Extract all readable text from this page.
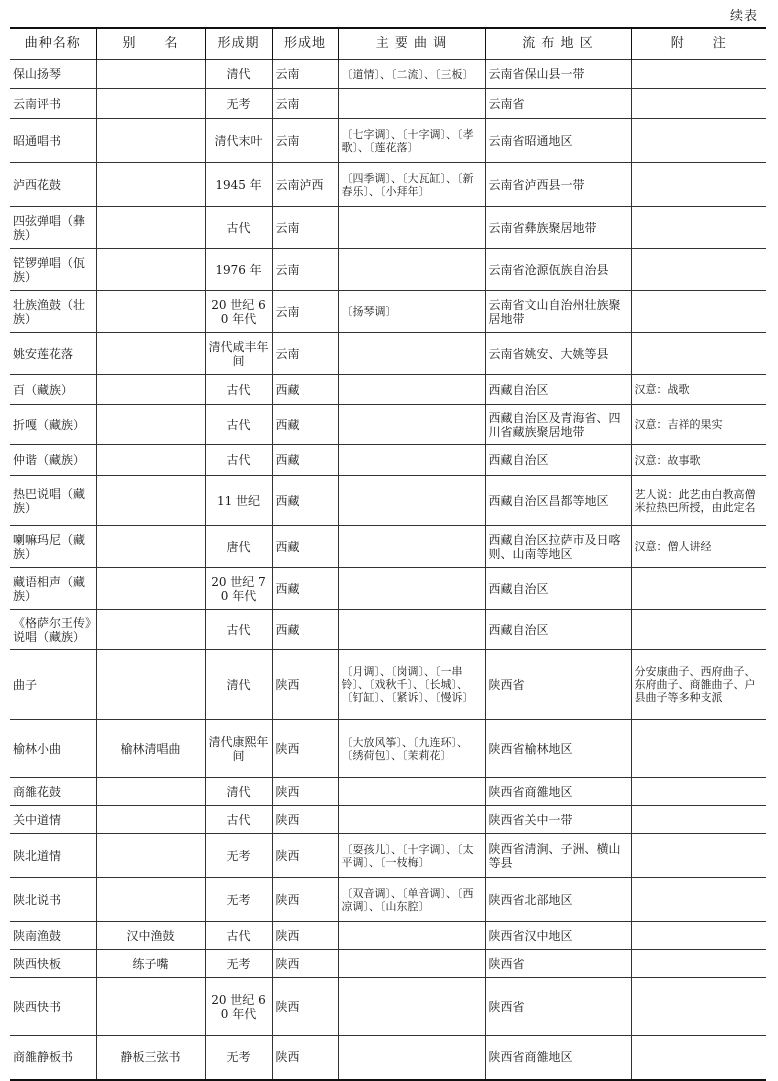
续表
曲种名称	别　　名	形成期	形成地	主 要 曲 调	流 布 地 区	附　　注
保山扬琴		清代	云南	〔道情〕、〔二流〕、〔三板〕	云南省保山县一带	
云南评书		无考	云南		云南省	
昭通唱书		清代末叶	云南	〔七字调〕、〔十字调〕、〔孝歌〕、〔莲花落〕	云南省昭通地区	
泸西花鼓		1945 年	云南泸西	〔四季调〕、〔大瓦缸〕、〔新春乐〕、〔小拜年〕	云南省泸西县一带	
四弦弹唱（彝族）		古代	云南		云南省彝族聚居地带	
铓锣弹唱（佤族）		1976 年	云南		云南省沧源佤族自治县	
壮族渔鼓（壮族）		20 世纪 60 年代	云南	〔扬琴调〕	云南省文山自治州壮族聚居地带	
姚安莲花落		清代咸丰年间	云南		云南省姚安、大姚等县	
百（藏族）		古代	西藏		西藏自治区	汉意：战歌
折嘎（藏族）		古代	西藏		西藏自治区及青海省、四川省藏族聚居地带	汉意：吉祥的果实
仲谐（藏族）		古代	西藏		西藏自治区	汉意：故事歌
热巴说唱（藏族）		11 世纪	西藏		西藏自治区昌都等地区	艺人说：此艺由白教高僧米拉热巴所授，由此定名
喇嘛玛尼（藏族）		唐代	西藏		西藏自治区拉萨市及日喀则、山南等地区	汉意：僧人讲经
藏语相声（藏族）		20 世纪 70 年代	西藏		西藏自治区	
《格萨尔王传》说唱（藏族）		古代	西藏		西藏自治区	
曲子		清代	陕西	〔月调〕、〔岗调〕、〔一串铃〕、〔戏秋千〕、〔长城〕、〔钉缸〕、〔紧诉〕、〔慢诉〕	陕西省	分安康曲子、西府曲子、东府曲子、商雒曲子、户县曲子等多种支派
榆林小曲	榆林清唱曲	清代康熙年间	陕西	〔大放风筝〕、〔九连环〕、〔绣荷包〕、〔茉莉花〕	陕西省榆林地区	
商雒花鼓		清代	陕西		陕西省商雒地区	
关中道情		古代	陕西		陕西省关中一带	
陕北道情		无考	陕西	〔耍孩儿〕、〔十字调〕、〔太平调〕、〔一枝梅〕	陕西省清涧、子洲、横山等县	
陕北说书		无考	陕西	〔双音调〕、〔单音调〕、〔西凉调〕、〔山东腔〕	陕西省北部地区	
陕南渔鼓	汉中渔鼓	古代	陕西		陕西省汉中地区	
陕西快板	练子嘴	无考	陕西		陕西省	
陕西快书		20 世纪 60 年代	陕西		陕西省	
商雒静板书	静板三弦书	无考	陕西		陕西省商雒地区	
